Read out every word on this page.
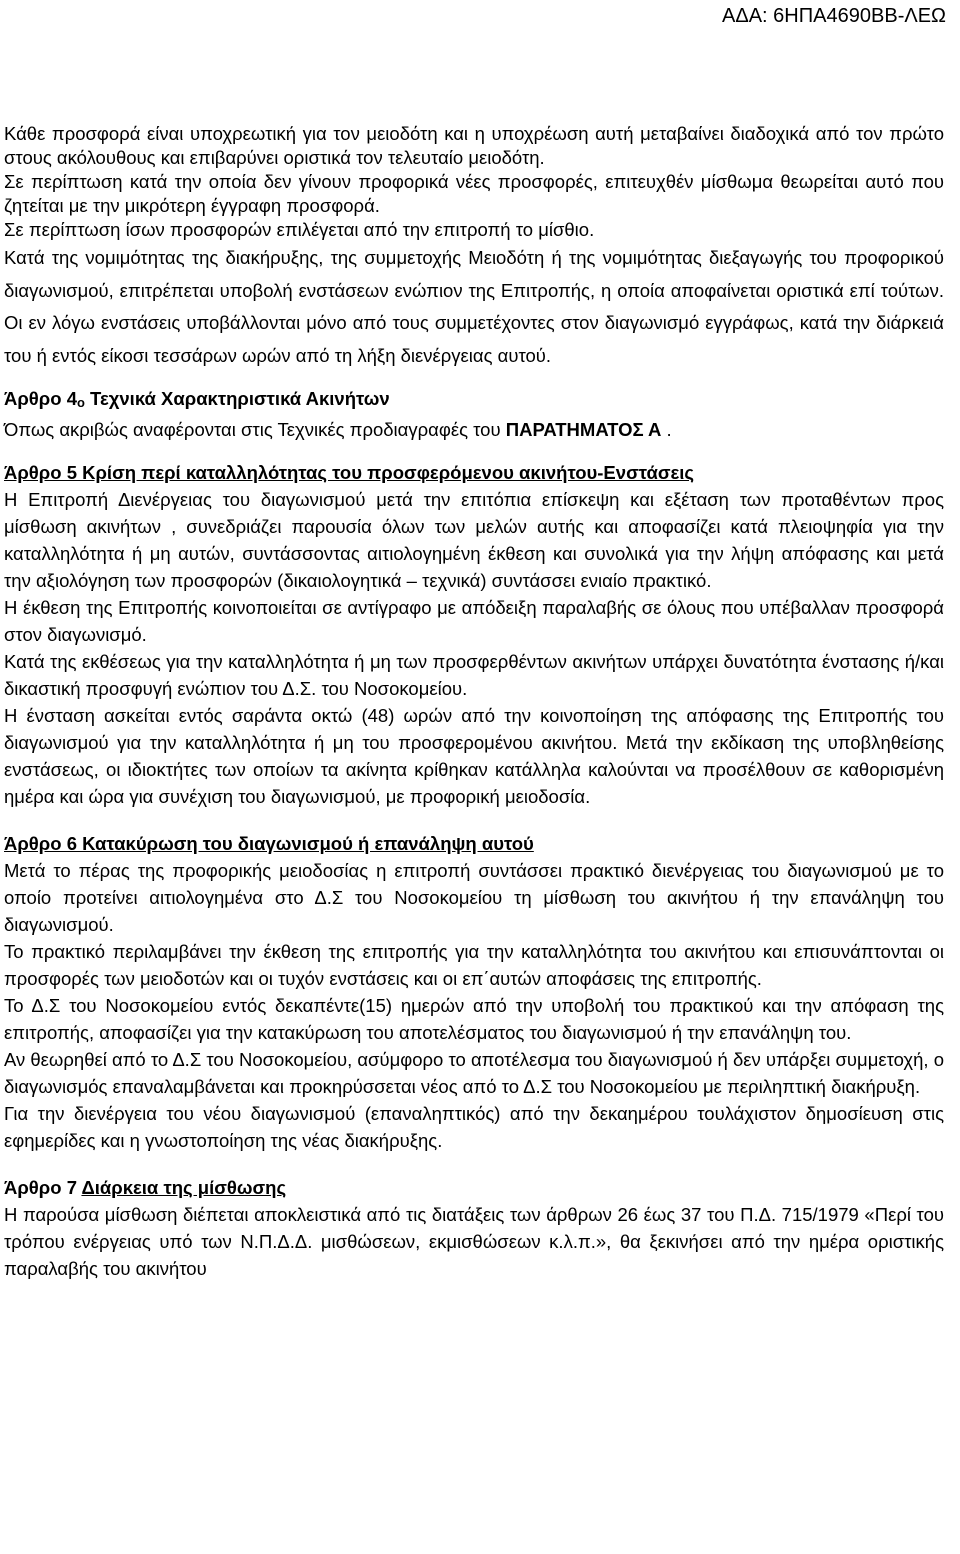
ΑΔΑ: 6ΗΠΑ4690ΒΒ-ΛΕΩ

Κάθε προσφορά είναι υποχρεωτική για τον μειοδότη και η υποχρέωση αυτή μεταβαίνει διαδοχικά από τον πρώτο στους ακόλουθους και επιβαρύνει οριστικά τον τελευταίο μειοδότη.

Σε περίπτωση κατά την οποία δεν γίνουν προφορικά νέες προσφορές, επιτευχθέν μίσθωμα θεωρείται αυτό που ζητείται με την μικρότερη έγγραφη προσφορά.

Σε περίπτωση ίσων προσφορών επιλέγεται από την επιτροπή το μίσθιο.

Κατά της νομιμότητας της διακήρυξης, της συμμετοχής Μειοδότη ή της νομιμότητας διεξαγωγής του προφορικού διαγωνισμού, επιτρέπεται υποβολή ενστάσεων ενώπιον της Επιτροπής, η οποία αποφαίνεται οριστικά επί τούτων. Οι εν λόγω ενστάσεις υποβάλλονται μόνο από τους συμμετέχοντες στον διαγωνισμό εγγράφως, κατά την διάρκειά του ή εντός είκοσι τεσσάρων ωρών από τη λήξη διενέργειας αυτού.

Άρθρο 4ο Τεχνικά Χαρακτηριστικά Ακινήτων

Όπως ακριβώς αναφέρονται στις Τεχνικές προδιαγραφές του ΠΑΡΑΤΗΜΑΤΟΣ Α .

Άρθρο 5 Κρίση περί καταλληλότητας του προσφερόμενου ακινήτου-Ενστάσεις

Η Επιτροπή Διενέργειας του διαγωνισμού μετά την επιτόπια επίσκεψη και εξέταση των προταθέντων προς μίσθωση ακινήτων , συνεδριάζει παρουσία όλων των μελών αυτής και αποφασίζει κατά πλειοψηφία για την καταλληλότητα ή μη αυτών, συντάσσοντας αιτιολογημένη έκθεση και συνολικά για την λήψη απόφασης και μετά την αξιολόγηση των προσφορών (δικαιολογητικά – τεχνικά) συντάσσει ενιαίο πρακτικό.

Η έκθεση της Επιτροπής κοινοποιείται σε αντίγραφο με απόδειξη παραλαβής σε όλους που υπέβαλλαν προσφορά στον διαγωνισμό.

Κατά της εκθέσεως για την καταλληλότητα ή μη των προσφερθέντων ακινήτων υπάρχει δυνατότητα ένστασης ή/και δικαστική προσφυγή ενώπιον του Δ.Σ. του Νοσοκομείου.

Η ένσταση ασκείται εντός σαράντα οκτώ (48) ωρών από την κοινοποίηση της απόφασης της Επιτροπής του διαγωνισμού για την καταλληλότητα ή μη του προσφερομένου ακινήτου. Μετά την εκδίκαση της υποβληθείσης ενστάσεως, οι ιδιοκτήτες των οποίων τα ακίνητα κρίθηκαν κατάλληλα καλούνται να προσέλθουν σε καθορισμένη ημέρα και ώρα για συνέχιση του διαγωνισμού, με προφορική μειοδοσία.

Άρθρο 6 Κατακύρωση του διαγωνισμού ή επανάληψη αυτού

Μετά το πέρας της προφορικής μειοδοσίας η επιτροπή συντάσσει πρακτικό διενέργειας του διαγωνισμού με το οποίο προτείνει αιτιολογημένα στο Δ.Σ του Νοσοκομείου τη μίσθωση του ακινήτου ή την επανάληψη του διαγωνισμού.

Το πρακτικό περιλαμβάνει την έκθεση της επιτροπής για την καταλληλότητα του ακινήτου και επισυνάπτονται οι προσφορές των μειοδοτών και οι τυχόν ενστάσεις και οι επ΄αυτών αποφάσεις της επιτροπής.

Το Δ.Σ του Νοσοκομείου εντός δεκαπέντε(15) ημερών από την υποβολή του πρακτικού και την απόφαση της επιτροπής, αποφασίζει για την κατακύρωση του αποτελέσματος του διαγωνισμού ή την επανάληψη του.

Αν θεωρηθεί από το Δ.Σ του Νοσοκομείου, ασύμφορο το αποτέλεσμα του διαγωνισμού ή δεν υπάρξει συμμετοχή, ο διαγωνισμός επαναλαμβάνεται και προκηρύσσεται νέος από το Δ.Σ του Νοσοκομείου με περιληπτική διακήρυξη.

Για την διενέργεια του νέου διαγωνισμού (επαναληπτικός) από την δεκαημέρου τουλάχιστον δημοσίευση στις εφημερίδες και η γνωστοποίηση της νέας διακήρυξης.

Άρθρο 7 Διάρκεια της μίσθωσης

Η παρούσα μίσθωση διέπεται αποκλειστικά από τις διατάξεις των άρθρων 26 έως 37 του Π.Δ. 715/1979 «Περί του τρόπου ενέργειας υπό των Ν.Π.Δ.Δ. μισθώσεων, εκμισθώσεων κ.λ.π.», θα ξεκινήσει από την ημέρα οριστικής παραλαβής του ακινήτου
